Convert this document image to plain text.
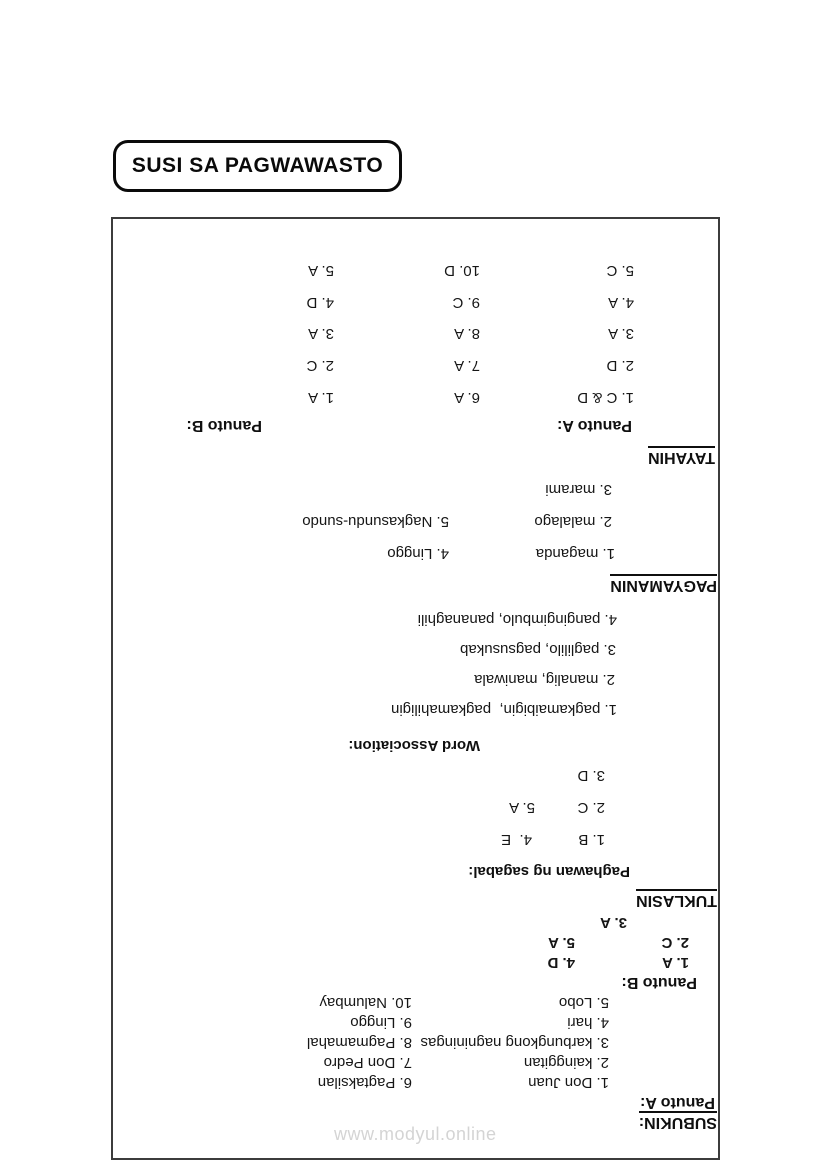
SUSI SA PAGWAWASTO
SUBUKIN:
Panuto A:
1. Don Juan
6. Pagtaksilan
2. kainggitan
7. Don Pedro
3. karbungkong nagniningas
8. Pagmamahal
4. hari
9. Linggo
5. Lobo
10. Nalumbay
Panuto B:
1. A
4. D
2. C
5. A
3. A
TUKLASIN
Paghawan ng sagabal:
1. B
4.  E
2. C
5. A
3. D
Word Association:
1. pagkamaibigin,  pagkamahiligin
2. manalig, maniwala
3. paglililo, pagsusukab
4. pangingimbulo, pananaghili
PAGYAMANIN
1. maganda
4. Linggo
2. malalago
5. Nagkasundu-sundo
3. marami
TAYAHIN
Panuto A:
Panuto B:
1. C & D
6. A
1. A
2. D
7. A
2. C
3. A
8. A
3. A
4. A
9. C
4. D
5. C
10. D
5. A
www.modyul.online
